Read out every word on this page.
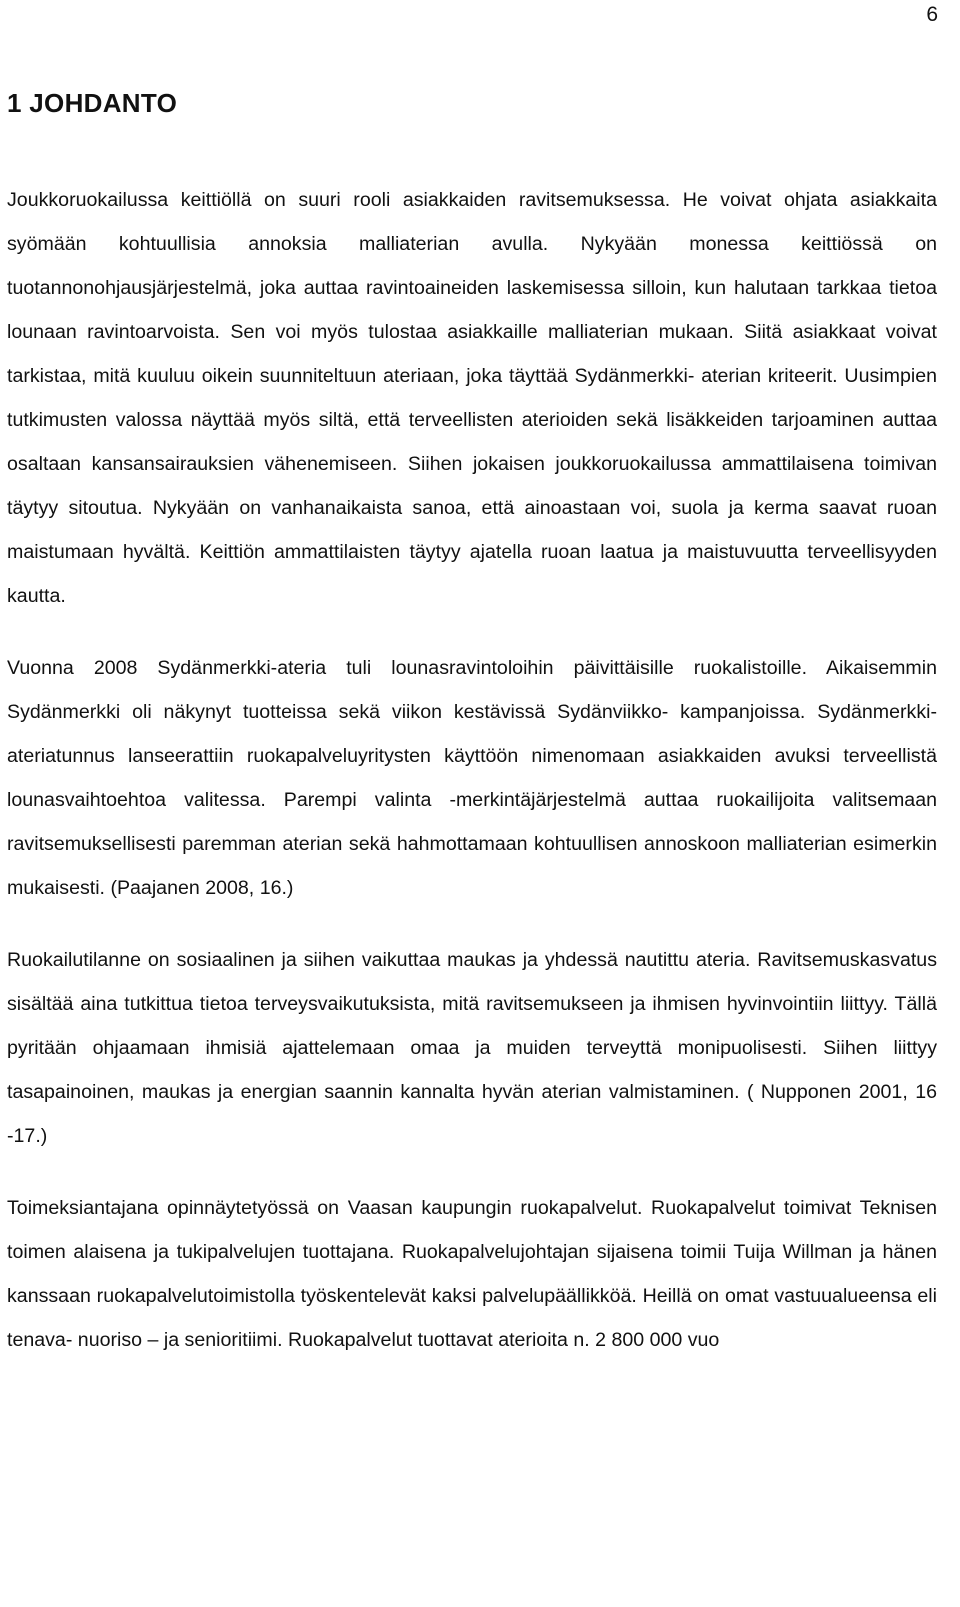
6
1 JOHDANTO

Joukkoruokailussa keittiöllä on suuri rooli asiakkaiden ravitsemuksessa. He voivat ohjata asiakkaita syömään kohtuullisia annoksia malliaterian avulla. Nykyään monessa keittiössä on tuotannonohjausjärjestelmä, joka auttaa ravintoaineiden laskemisessa silloin, kun halutaan tarkkaa tietoa lounaan ravintoarvoista. Sen voi myös tulostaa asiakkaille malliaterian mukaan. Siitä asiakkaat voivat tarkistaa, mitä kuuluu oikein suunniteltuun ateriaan, joka täyttää Sydänmerkki- aterian kriteerit. Uusimpien tutkimusten valossa näyttää myös siltä, että terveellisten aterioiden sekä lisäkkeiden tarjoaminen auttaa osaltaan kansansairauksien vähenemiseen. Siihen jokaisen joukkoruokailussa ammattilaisena toimivan täytyy sitoutua. Nykyään on vanhanaikaista sanoa, että ainoastaan voi, suola ja kerma saavat ruoan maistumaan hyvältä. Keittiön ammattilaisten täytyy ajatella ruoan laatua ja maistuvuutta terveellisyyden kautta.

Vuonna 2008 Sydänmerkki-ateria tuli lounasravintoloihin päivittäisille ruokalistoille. Aikaisemmin Sydänmerkki oli näkynyt tuotteissa sekä viikon kestävissä Sydänviikko- kampanjoissa. Sydänmerkki-ateriatunnus lanseerattiin ruokapalveluyritysten käyttöön nimenomaan asiakkaiden avuksi terveellistä lounasvaihtoehtoa valitessa. Parempi valinta -merkintäjärjestelmä auttaa ruokailijoita valitsemaan ravitsemuksellisesti paremman aterian sekä hahmottamaan kohtuullisen annoskoon malliaterian esimerkin mukaisesti. (Paajanen 2008, 16.)

Ruokailutilanne on sosiaalinen ja siihen vaikuttaa maukas ja yhdessä nautittu ateria. Ravitsemuskasvatus sisältää aina tutkittua tietoa terveysvaikutuksista, mitä ravitsemukseen ja ihmisen hyvinvointiin liittyy. Tällä pyritään ohjaamaan ihmisiä ajattelemaan omaa ja muiden terveyttä monipuolisesti. Siihen liittyy tasapainoinen, maukas ja energian saannin kannalta hyvän aterian valmistaminen. ( Nupponen 2001, 16 -17.)

Toimeksiantajana opinnäytetyössä on Vaasan kaupungin ruokapalvelut. Ruokapalvelut toimivat Teknisen toimen alaisena ja tukipalvelujen tuottajana. Ruokapalvelujohtajan sijaisena toimii Tuija Willman ja hänen kanssaan ruokapalvelutoimistolla työskentelevät kaksi palvelupäällikköä. Heillä on omat vastuualueensa eli tenava- nuoriso – ja senioritiimi. Ruokapalvelut tuottavat aterioita n. 2 800 000 vuo
